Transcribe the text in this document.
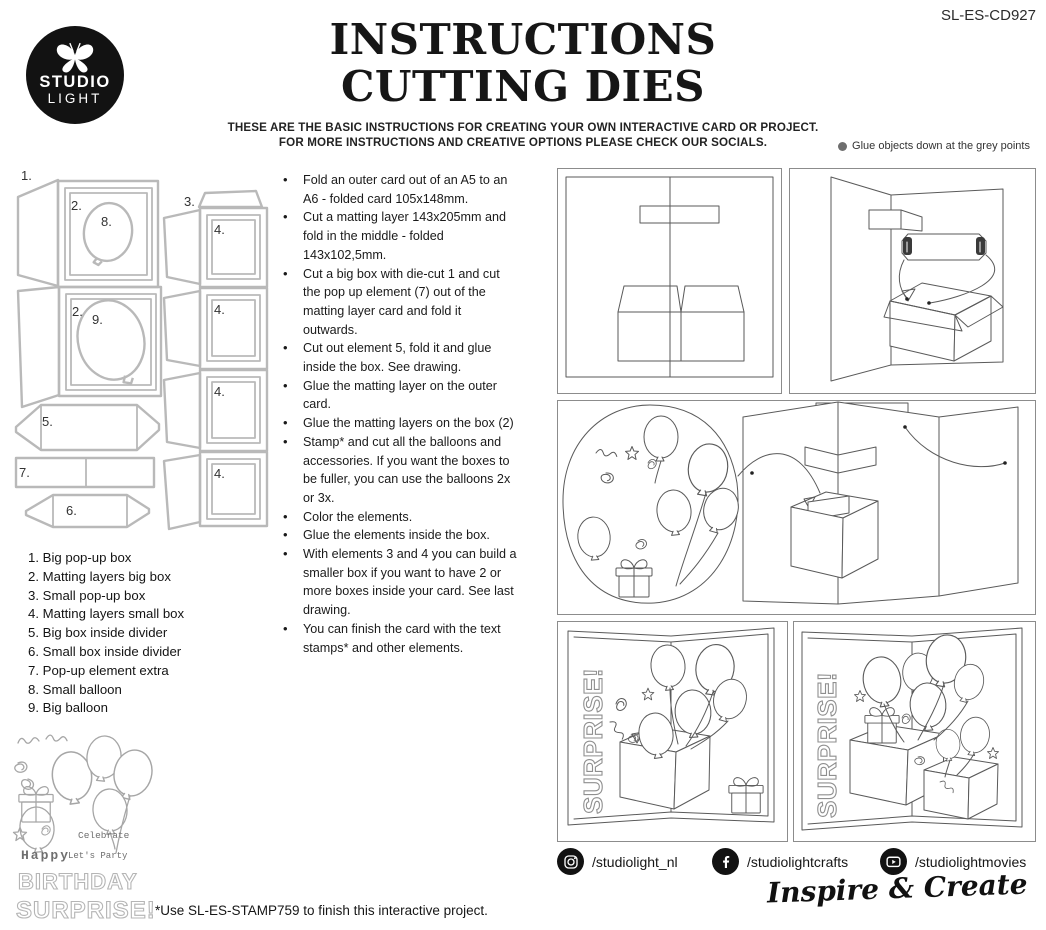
STUDIO
LIGHT
INSTRUCTIONS
CUTTING DIES
SL-ES-CD927
THESE ARE THE BASIC INSTRUCTIONS FOR CREATING YOUR OWN INTERACTIVE CARD OR PROJECT.
FOR MORE INSTRUCTIONS AND CREATIVE OPTIONS PLEASE CHECK OUR SOCIALS.	Glue objects down at the grey points
1.
2.
8.
2.
9.
3.
4.
4.
4.
4.
5.
7.
6.
• Fold an outer card out of an A5 to an A6 - folded card 105x148mm.
• Cut a matting layer 143x205mm and fold in the middle - folded 143x102,5mm.
• Cut a big box with die-cut 1 and cut the pop up element (7) out of the matting layer card and fold it outwards.
• Cut out element 5, fold it and glue inside the box. See drawing.
• Glue the matting layer on the outer card.
• Glue the matting layers on the box (2)
• Stamp* and cut all the balloons and accessories. If you want the boxes to be fuller, you can use the balloons 2x or 3x.
• Color the elements.
• Glue the elements inside the box.
• With elements 3 and 4 you can build a smaller box if you want to have 2 or more boxes inside your card. See last drawing.
• You can finish the card with the text stamps* and other elements.
1. Big pop-up box
2. Matting layers big box
3. Small pop-up box
4. Matting layers small box
5. Big box inside divider
6. Small box inside divider
7. Pop-up element extra
8. Small balloon
9. Big balloon
Celebrate
Happy
Let's Party
BIRTHDAY
SURPRISE! *Use SL-ES-STAMP759 to finish this interactive project.
SURPRISE!	SURPRISE!
/studiolight_nl	/studiolightcrafts	/studiolightmovies
Inspire & Create
